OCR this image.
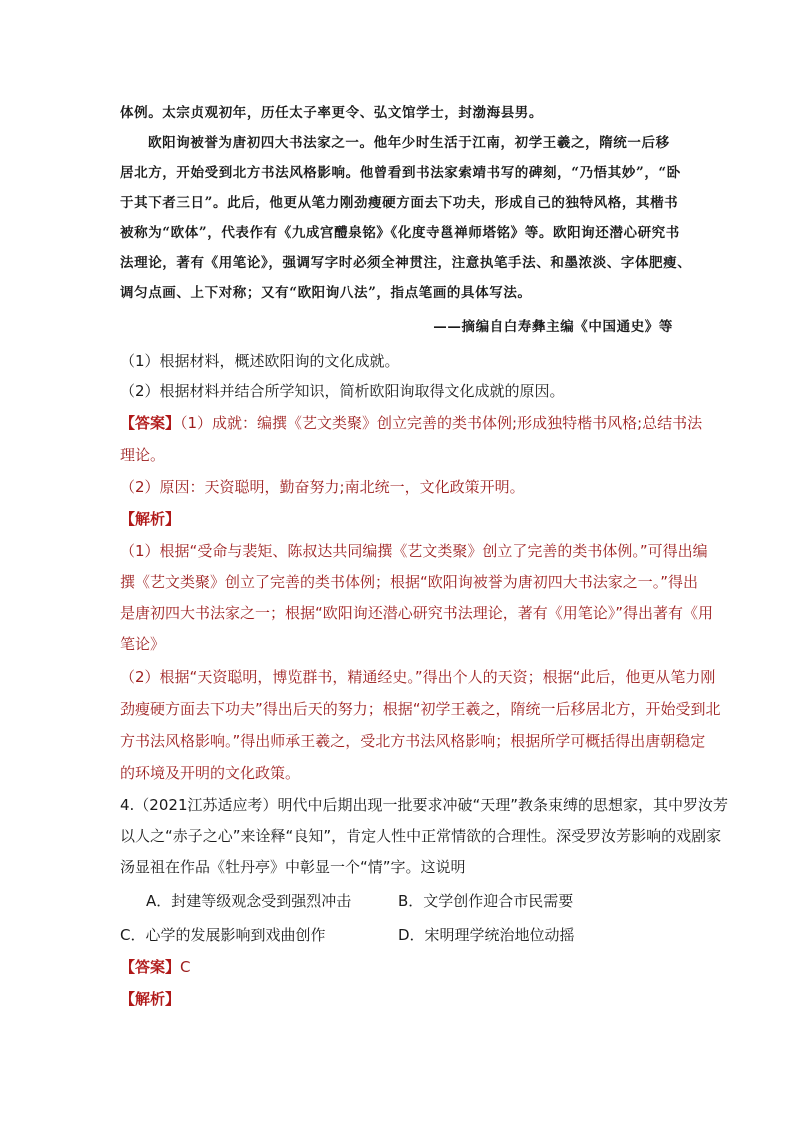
体例。太宗贞观初年，历任太子率更令、弘文馆学士，封渤海县男。
欧阳询被誉为唐初四大书法家之一。他年少时生活于江南，初学王羲之，隋统一后移
居北方，开始受到北方书法风格影响。他曾看到书法家索靖书写的碑刻，“乃悟其妙”，“卧
于其下者三日”。此后，他更从笔力刚劲瘦硬方面去下功夫，形成自己的独特风格，其楷书
被称为“欧体”，代表作有《九成宫醴泉铭》《化度寺邕禅师塔铭》等。欧阳询还潜心研究书
法理论，著有《用笔论》，强调写字时必须全神贯注，注意执笔手法、和墨浓淡、字体肥瘦、
调匀点画、上下对称；又有“欧阳询八法”，指点笔画的具体写法。
——摘编自白寿彝主编《中国通史》等
（1）根据材料，概述欧阳询的文化成就。
（2）根据材料并结合所学知识，简析欧阳询取得文化成就的原因。
【答案】（1）成就：编撰《艺文类聚》创立完善的类书体例;形成独特楷书风格;总结书法
理论。
（2）原因：天资聪明，勤奋努力;南北统一，文化政策开明。
【解析】
（1）根据“受命与裴矩、陈叔达共同编撰《艺文类聚》创立了完善的类书体例。”可得出编
撰《艺文类聚》创立了完善的类书体例；根据“欧阳询被誉为唐初四大书法家之一。”得出
是唐初四大书法家之一；根据“欧阳询还潜心研究书法理论，著有《用笔论》”得出著有《用
笔论》
（2）根据“天资聪明，博览群书，精通经史。”得出个人的天资；根据“此后，他更从笔力刚
劲瘦硬方面去下功夫”得出后天的努力；根据“初学王羲之，隋统一后移居北方，开始受到北
方书法风格影响。”得出师承王羲之，受北方书法风格影响；根据所学可概括得出唐朝稳定
的环境及开明的文化政策。
4.（2021江苏适应考）明代中后期出现一批要求冲破“天理”教条束缚的思想家，其中罗汝芳
以人之“赤子之心”来诠释“良知”，肯定人性中正常情欲的合理性。深受罗汝芳影响的戏剧家
汤显祖在作品《牡丹亭》中彰显一个“情”字。这说明
A．封建等级观念受到强烈冲击	B．文学创作迎合市民需要
C．心学的发展影响到戏曲创作	D．宋明理学统治地位动摇
【答案】C
【解析】
